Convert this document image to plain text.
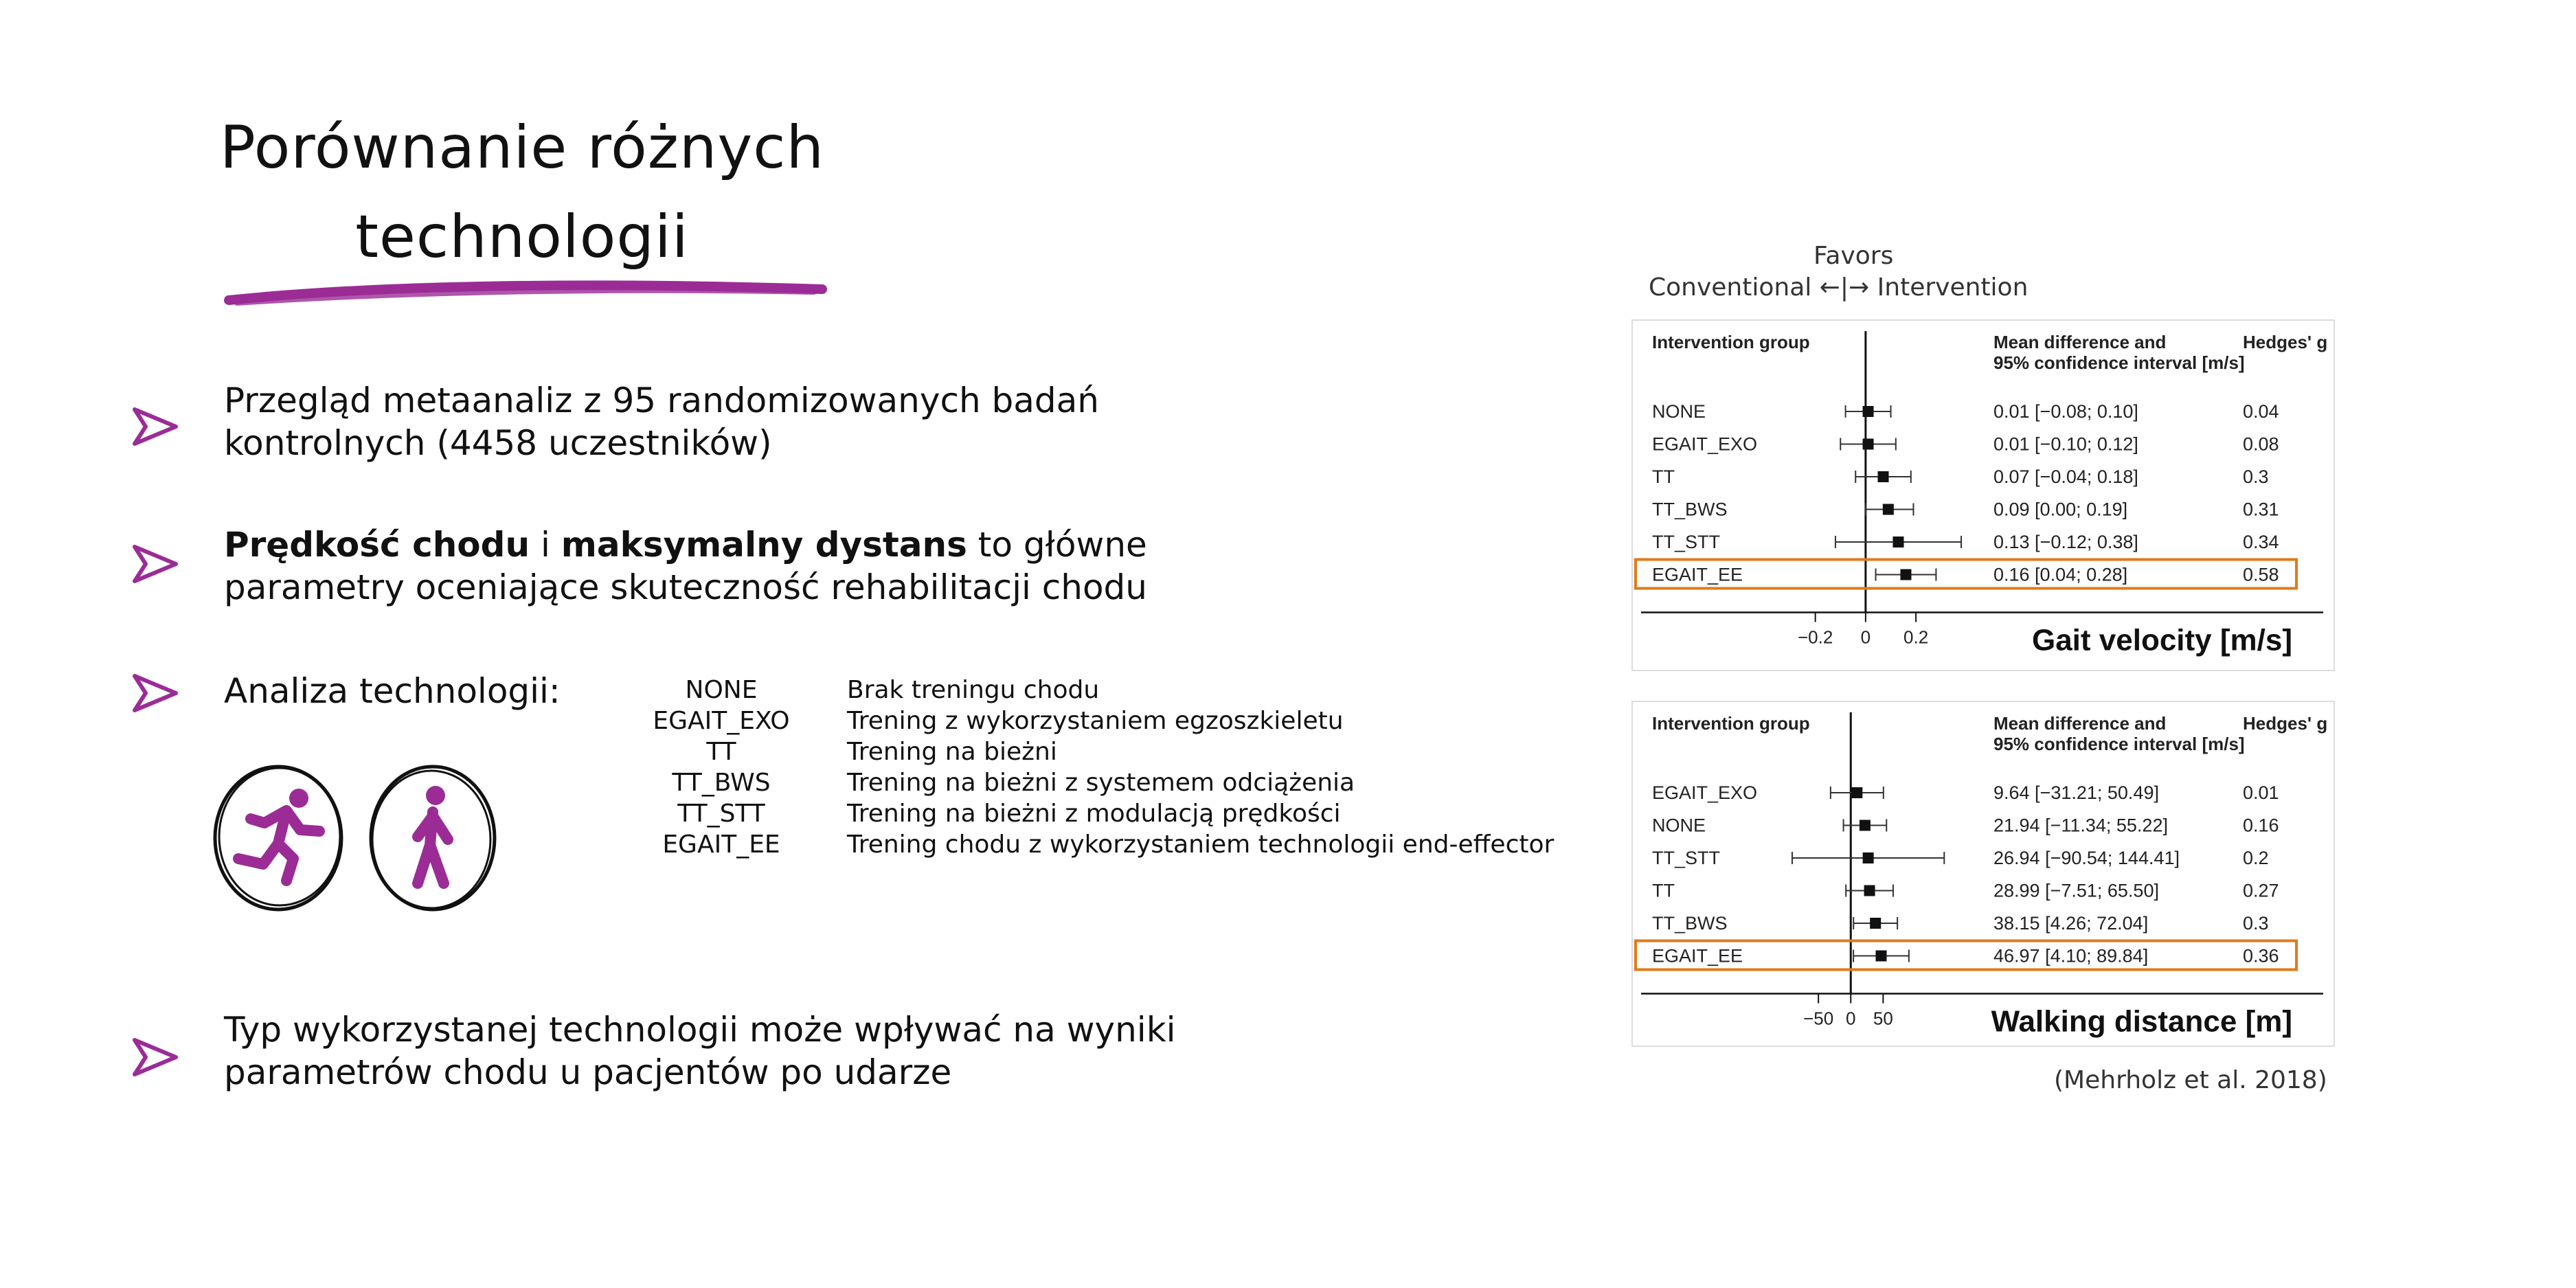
Porównanie różnych
technologii
Przegląd metaanaliz z 95 randomizowanych badań
kontrolnych (4458 uczestników)
Prędkość chodu i maksymalny dystans to główne
parametry oceniające skuteczność rehabilitacji chodu
Analiza technologii:	NONE	Brak treningu chodu
EGAIT_EXO	Trening z wykorzystaniem egzoszkieletu
TT	Trening na bieżni
TT_BWS	Trening na bieżni z systemem odciążenia
TT_STT	Trening na bieżni z modulacją prędkości
EGAIT_EE	Trening chodu z wykorzystaniem technologii end-effector
Typ wykorzystanej technologii może wpływać na wyniki
parametrów chodu u pacjentów po udarze
Favors
Conventional ←|→ Intervention
Intervention group	Mean difference and
95% confidence interval [m/s]
Hedges' g
NONE	0.01 [−0.08; 0.10]	0.04
EGAIT_EXO	0.01 [−0.10; 0.12]	0.08
TT	0.07 [−0.04; 0.18]	0.3
TT_BWS	0.09 [0.00; 0.19]	0.31
TT_STT	0.13 [−0.12; 0.38]	0.34
EGAIT_EE	0.16 [0.04; 0.28]	0.58
−0.2 0 0.2	Gait velocity [m/s]
Intervention group	Mean difference and
95% confidence interval [m/s]
Hedges' g
EGAIT_EXO	9.64 [−31.21; 50.49]	0.01
NONE	21.94 [−11.34; 55.22]	0.16
TT_STT	26.94 [−90.54; 144.41]	0.2
TT	28.99 [−7.51; 65.50]	0.27
TT_BWS	38.15 [4.26; 72.04]	0.3
EGAIT_EE	46.97 [4.10; 89.84]	0.36
−50 0 50	Walking distance [m]
(Mehrholz et al. 2018)
